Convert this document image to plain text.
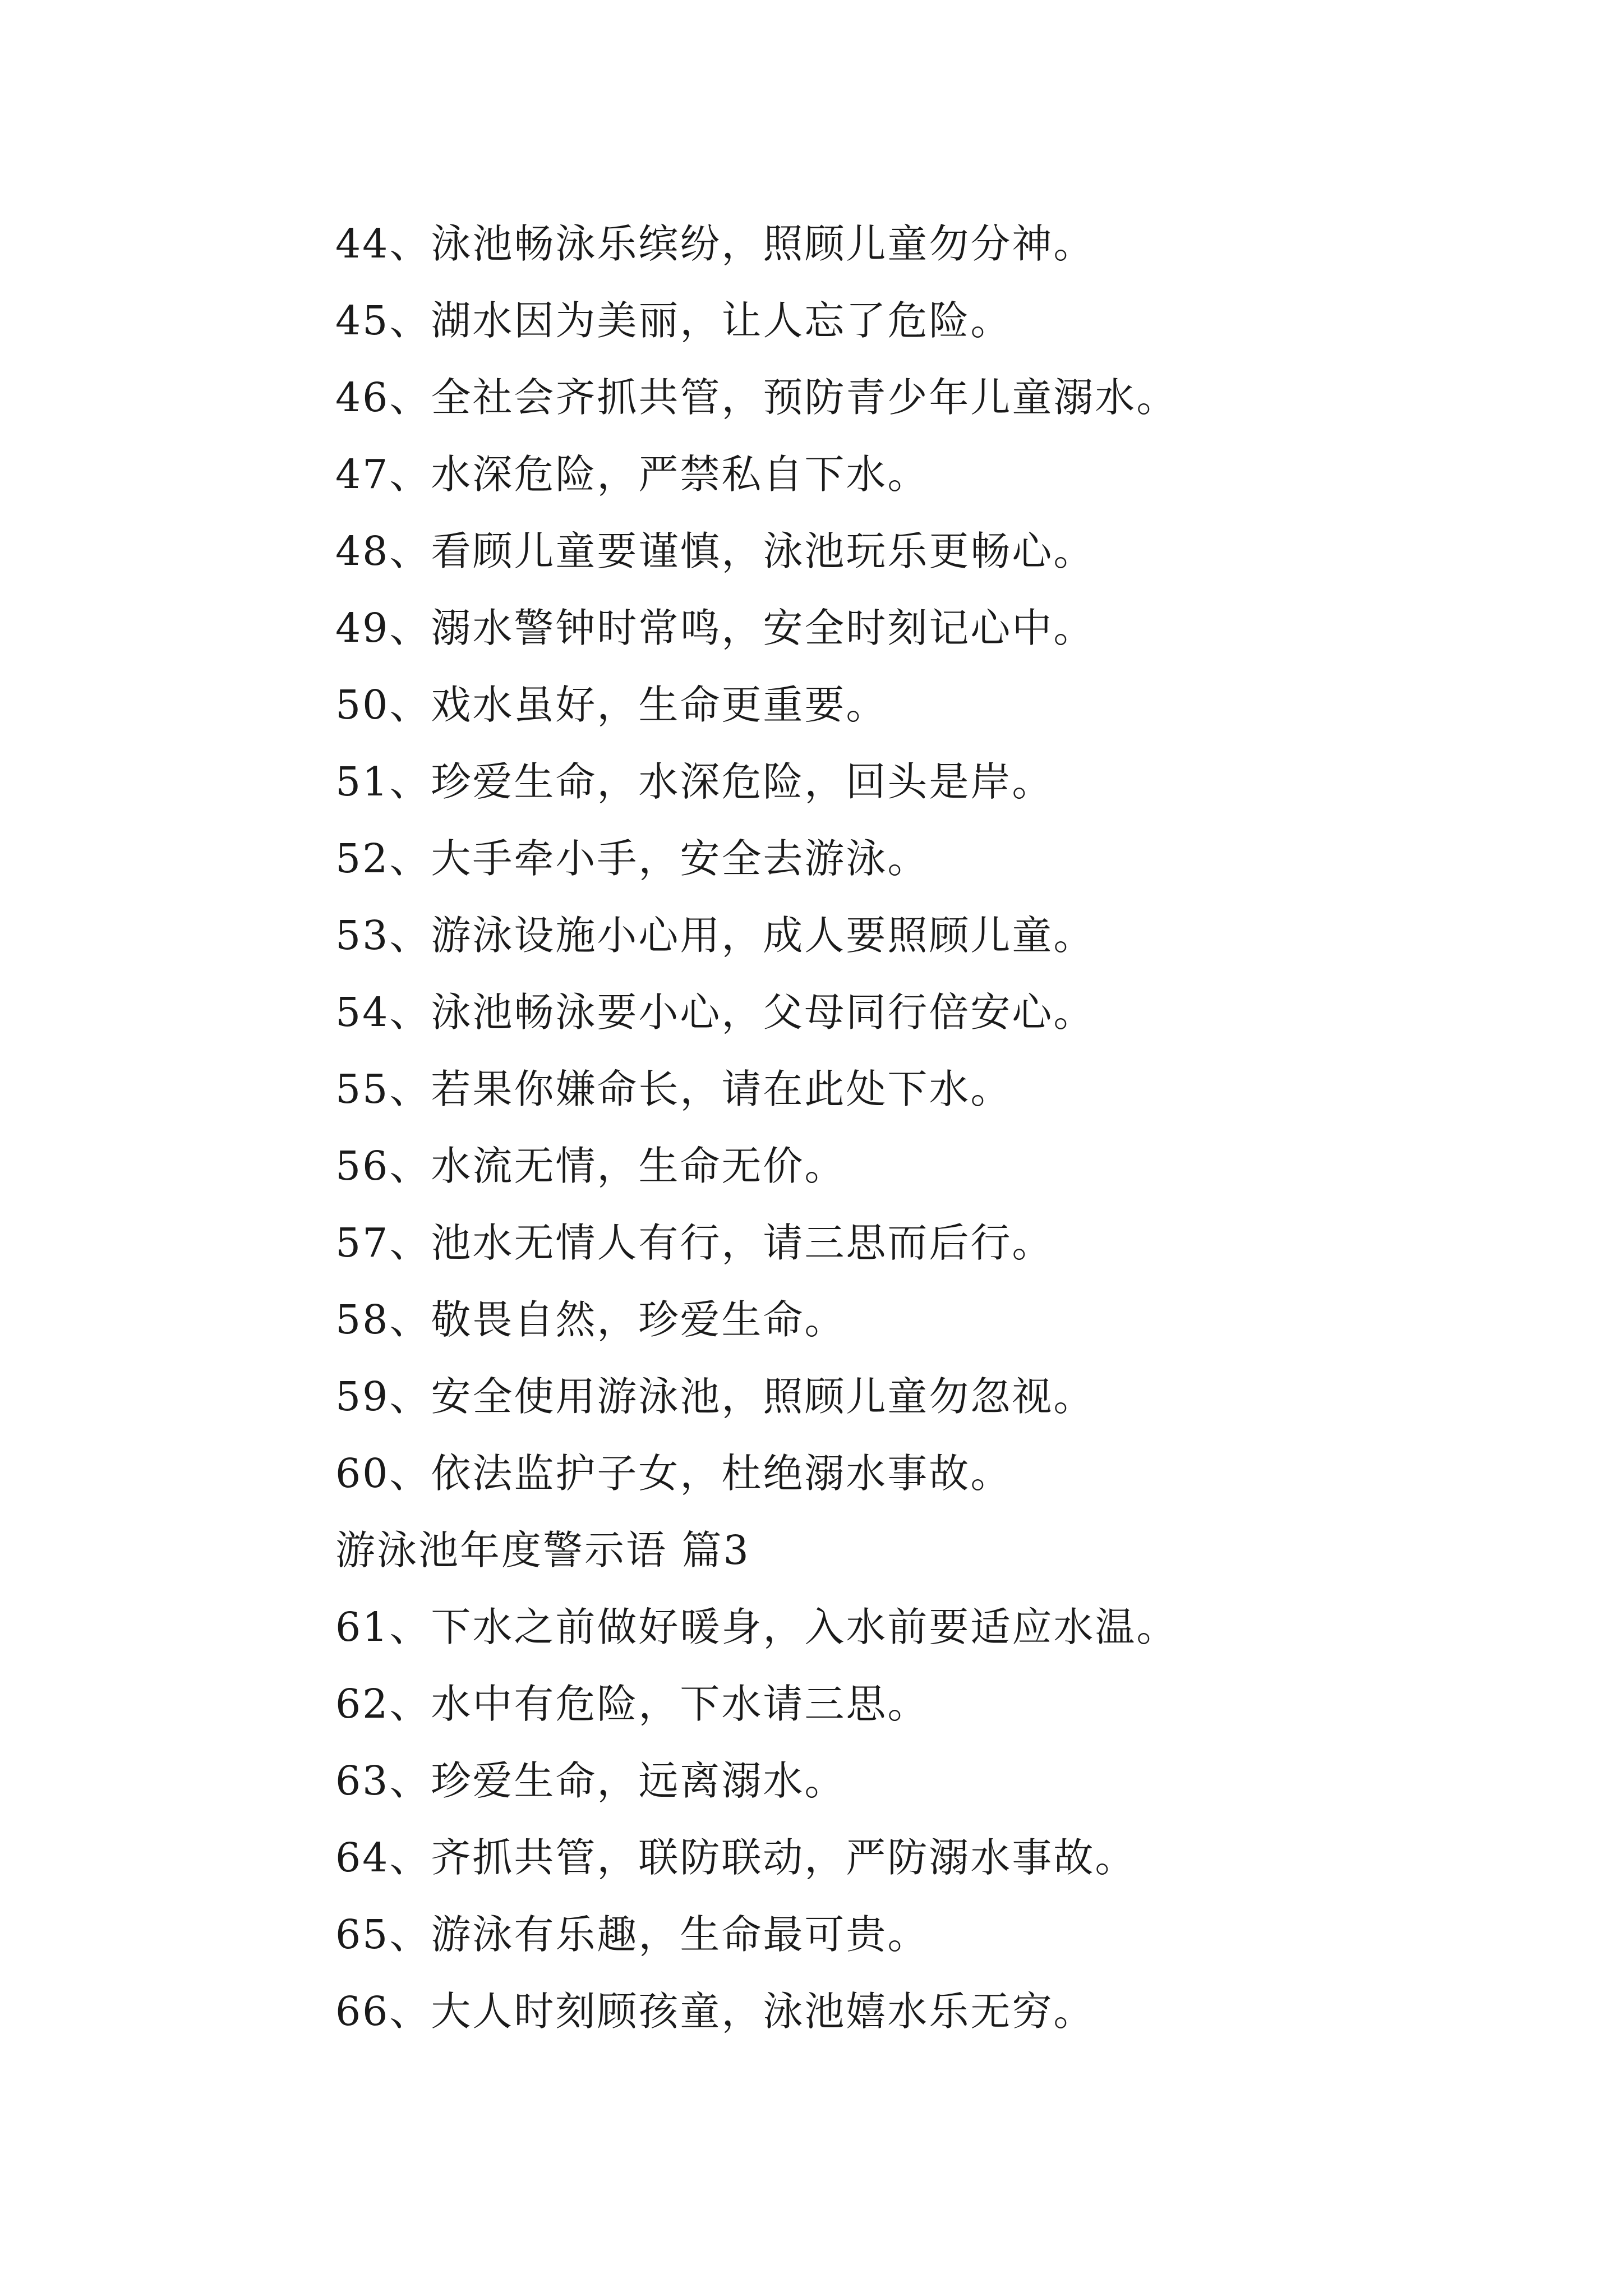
44、泳池畅泳乐缤纷，照顾儿童勿分神。
45、湖水因为美丽，让人忘了危险。
46、全社会齐抓共管，预防青少年儿童溺水。
47、水深危险，严禁私自下水。
48、看顾儿童要谨慎，泳池玩乐更畅心。
49、溺水警钟时常鸣，安全时刻记心中。
50、戏水虽好，生命更重要。
51、珍爱生命，水深危险，回头是岸。
52、大手牵小手，安全去游泳。
53、游泳设施小心用，成人要照顾儿童。
54、泳池畅泳要小心，父母同行倍安心。
55、若果你嫌命长，请在此处下水。
56、水流无情，生命无价。
57、池水无情人有行，请三思而后行。
58、敬畏自然，珍爱生命。
59、安全使用游泳池，照顾儿童勿忽视。
60、依法监护子女，杜绝溺水事故。
游泳池年度警示语 篇3
61、下水之前做好暖身，入水前要适应水温。
62、水中有危险，下水请三思。
63、珍爱生命，远离溺水。
64、齐抓共管，联防联动，严防溺水事故。
65、游泳有乐趣，生命最可贵。
66、大人时刻顾孩童，泳池嬉水乐无穷。
